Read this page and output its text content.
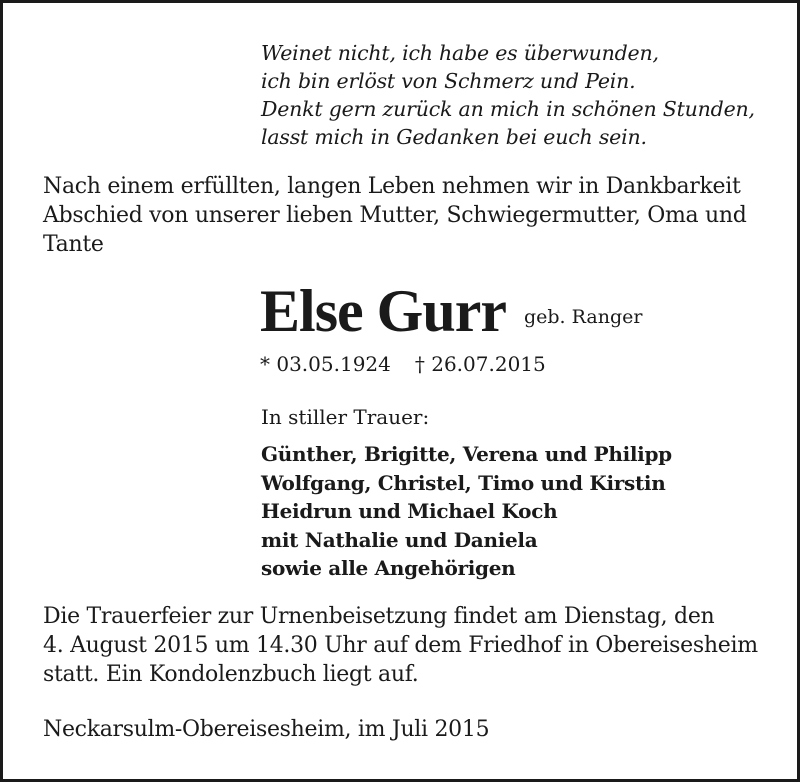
Weinet nicht, ich habe es überwunden,
ich bin erlöst von Schmerz und Pein.
Denkt gern zurück an mich in schönen Stunden,
lasst mich in Gedanken bei euch sein.
Nach einem erfüllten, langen Leben nehmen wir in Dankbarkeit
Abschied von unserer lieben Mutter, Schwiegermutter, Oma und
Tante
Else Gurr geb. Ranger
* 03.05.1924 † 26.07.2015
In stiller Trauer:
Günther, Brigitte, Verena und Philipp
Wolfgang, Christel, Timo und Kirstin
Heidrun und Michael Koch
mit Nathalie und Daniela
sowie alle Angehörigen
Die Trauerfeier zur Urnenbeisetzung findet am Dienstag, den
4. August 2015 um 14.30 Uhr auf dem Friedhof in Obereisesheim
statt. Ein Kondolenzbuch liegt auf.
Neckarsulm-Obereisesheim, im Juli 2015
